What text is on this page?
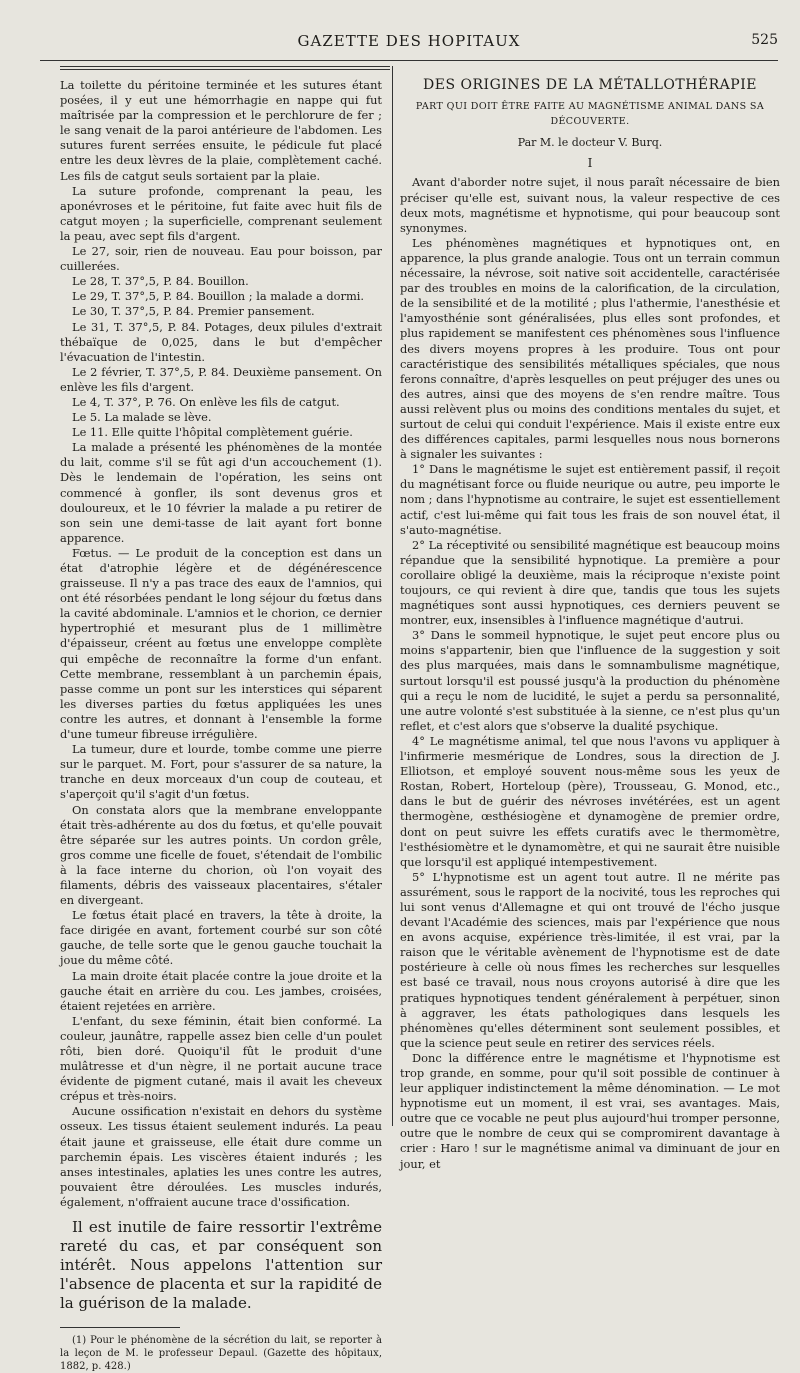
GAZETTE DES HOPITAUX	525

La toilette du péritoine terminée et les sutures étant posées, il y eut une hémorrhagie en nappe qui fut maîtrisée par la compression et le perchlorure de fer ; le sang venait de la paroi antérieure de l'abdomen. Les sutures furent serrées ensuite, le pédicule fut placé entre les deux lèvres de la plaie, complètement caché. Les fils de catgut seuls sortaient par la plaie.

La suture profonde, comprenant la peau, les aponévroses et le péritoine, fut faite avec huit fils de catgut moyen ; la superficielle, comprenant seulement la peau, avec sept fils d'argent.

Le 27, soir, rien de nouveau. Eau pour boisson, par cuillerées.

Le 28, T. 37°,5, P. 84. Bouillon.

Le 29, T. 37°,5, P. 84. Bouillon ; la malade a dormi.

Le 30, T. 37°,5, P. 84. Premier pansement.

Le 31, T. 37°,5, P. 84. Potages, deux pilules d'extrait thébaïque de 0,025, dans le but d'empêcher l'évacuation de l'intestin.

Le 2 février, T. 37°,5, P. 84. Deuxième pansement. On enlève les fils d'argent.

Le 4, T. 37°, P. 76. On enlève les fils de catgut.

Le 5. La malade se lève.

Le 11. Elle quitte l'hôpital complètement guérie.

La malade a présenté les phénomènes de la montée du lait, comme s'il se fût agi d'un accouchement (1). Dès le lendemain de l'opération, les seins ont commencé à gonfler, ils sont devenus gros et douloureux, et le 10 février la malade a pu retirer de son sein une demi-tasse de lait ayant fort bonne apparence.

Fœtus. — Le produit de la conception est dans un état d'atrophie légère et de dégénérescence graisseuse. Il n'y a pas trace des eaux de l'amnios, qui ont été résorbées pendant le long séjour du fœtus dans la cavité abdominale. L'amnios et le chorion, ce dernier hypertrophié et mesurant plus de 1 millimètre d'épaisseur, créent au fœtus une enveloppe complète qui empêche de reconnaître la forme d'un enfant. Cette membrane, ressemblant à un parchemin épais, passe comme un pont sur les interstices qui séparent les diverses parties du fœtus appliquées les unes contre les autres, et donnant à l'ensemble la forme d'une tumeur fibreuse irrégulière.

La tumeur, dure et lourde, tombe comme une pierre sur le parquet. M. Fort, pour s'assurer de sa nature, la tranche en deux morceaux d'un coup de couteau, et s'aperçoit qu'il s'agit d'un fœtus.

On constata alors que la membrane enveloppante était très-adhérente au dos du fœtus, et qu'elle pouvait être séparée sur les autres points. Un cordon grêle, gros comme une ficelle de fouet, s'étendait de l'ombilic à la face interne du chorion, où l'on voyait des filaments, débris des vaisseaux placentaires, s'étaler en divergeant.

Le fœtus était placé en travers, la tête à droite, la face dirigée en avant, fortement courbé sur son côté gauche, de telle sorte que le genou gauche touchait la joue du même côté.

La main droite était placée contre la joue droite et la gauche était en arrière du cou. Les jambes, croisées, étaient rejetées en arrière.

L'enfant, du sexe féminin, était bien conformé. La couleur, jaunâtre, rappelle assez bien celle d'un poulet rôti, bien doré. Quoiqu'il fût le produit d'une mulâtresse et d'un nègre, il ne portait aucune trace évidente de pigment cutané, mais il avait les cheveux crépus et très-noirs.

Aucune ossification n'existait en dehors du système osseux. Les tissus étaient seulement indurés. La peau était jaune et graisseuse, elle était dure comme un parchemin épais. Les viscères étaient indurés ; les anses intestinales, aplaties les unes contre les autres, pouvaient être déroulées. Les muscles indurés, également, n'offraient aucune trace d'ossification.

Il est inutile de faire ressortir l'extrême rareté du cas, et par conséquent son intérêt. Nous appelons l'attention sur l'absence de placenta et sur la rapidité de la guérison de la malade.

(1) Pour le phénomène de la sécrétion du lait, se reporter à la leçon de M. le professeur Depaul. (Gazette des hôpitaux, 1882, p. 428.)

DES ORIGINES DE LA MÉTALLOTHÉRAPIE

PART QUI DOIT ÊTRE FAITE AU MAGNÉTISME ANIMAL DANS SA DÉCOUVERTE.

Par M. le docteur V. Burq.

I

Avant d'aborder notre sujet, il nous paraît nécessaire de bien préciser qu'elle est, suivant nous, la valeur respective de ces deux mots, magnétisme et hypnotisme, qui pour beaucoup sont synonymes.

Les phénomènes magnétiques et hypnotiques ont, en apparence, la plus grande analogie. Tous ont un terrain commun nécessaire, la névrose, soit native soit accidentelle, caractérisée par des troubles en moins de la calorification, de la circulation, de la sensibilité et de la motilité ; plus l'athermie, l'anesthésie et l'amyosthénie sont généralisées, plus elles sont profondes, et plus rapidement se manifestent ces phénomènes sous l'influence des divers moyens propres à les produire. Tous ont pour caractéristique des sensibilités métalliques spéciales, que nous ferons connaître, d'après lesquelles on peut préjuger des unes ou des autres, ainsi que des moyens de s'en rendre maître. Tous aussi relèvent plus ou moins des conditions mentales du sujet, et surtout de celui qui conduit l'expérience. Mais il existe entre eux des différences capitales, parmi lesquelles nous nous bornerons à signaler les suivantes :

1° Dans le magnétisme le sujet est entièrement passif, il reçoit du magnétisant force ou fluide neurique ou autre, peu importe le nom ; dans l'hypnotisme au contraire, le sujet est essentiellement actif, c'est lui-même qui fait tous les frais de son nouvel état, il s'auto-magnétise.

2° La réceptivité ou sensibilité magnétique est beaucoup moins répandue que la sensibilité hypnotique. La première a pour corollaire obligé la deuxième, mais la réciproque n'existe point toujours, ce qui revient à dire que, tandis que tous les sujets magnétiques sont aussi hypnotiques, ces derniers peuvent se montrer, eux, insensibles à l'influence magnétique d'autrui.

3° Dans le sommeil hypnotique, le sujet peut encore plus ou moins s'appartenir, bien que l'influence de la suggestion y soit des plus marquées, mais dans le somnambulisme magnétique, surtout lorsqu'il est poussé jusqu'à la production du phénomène qui a reçu le nom de lucidité, le sujet a perdu sa personnalité, une autre volonté s'est substituée à la sienne, ce n'est plus qu'un reflet, et c'est alors que s'observe la dualité psychique.

4° Le magnétisme animal, tel que nous l'avons vu appliquer à l'infirmerie mesmérique de Londres, sous la direction de J. Elliotson, et employé souvent nous-même sous les yeux de Rostan, Robert, Horteloup (père), Trousseau, G. Monod, etc., dans le but de guérir des névroses invétérées, est un agent thermogène, œsthésiogène et dynamogène de premier ordre, dont on peut suivre les effets curatifs avec le thermomètre, l'esthésiomètre et le dynamomètre, et qui ne saurait être nuisible que lorsqu'il est appliqué intempestivement.

5° L'hypnotisme est un agent tout autre. Il ne mérite pas assurément, sous le rapport de la nocivité, tous les reproches qui lui sont venus d'Allemagne et qui ont trouvé de l'écho jusque devant l'Académie des sciences, mais par l'expérience que nous en avons acquise, expérience très-limitée, il est vrai, par la raison que le véritable avènement de l'hypnotisme est de date postérieure à celle où nous fîmes les recherches sur lesquelles est basé ce travail, nous nous croyons autorisé à dire que les pratiques hypnotiques tendent généralement à perpétuer, sinon à aggraver, les états pathologiques dans lesquels les phénomènes qu'elles déterminent sont seulement possibles, et que la science peut seule en retirer des services réels.

Donc la différence entre le magnétisme et l'hypnotisme est trop grande, en somme, pour qu'il soit possible de continuer à leur appliquer indistinctement la même dénomination. — Le mot hypnotisme eut un moment, il est vrai, ses avantages. Mais, outre que ce vocable ne peut plus aujourd'hui tromper personne, outre que le nombre de ceux qui se compromirent davantage à crier : Haro ! sur le magnétisme animal va diminuant de jour en jour, et
